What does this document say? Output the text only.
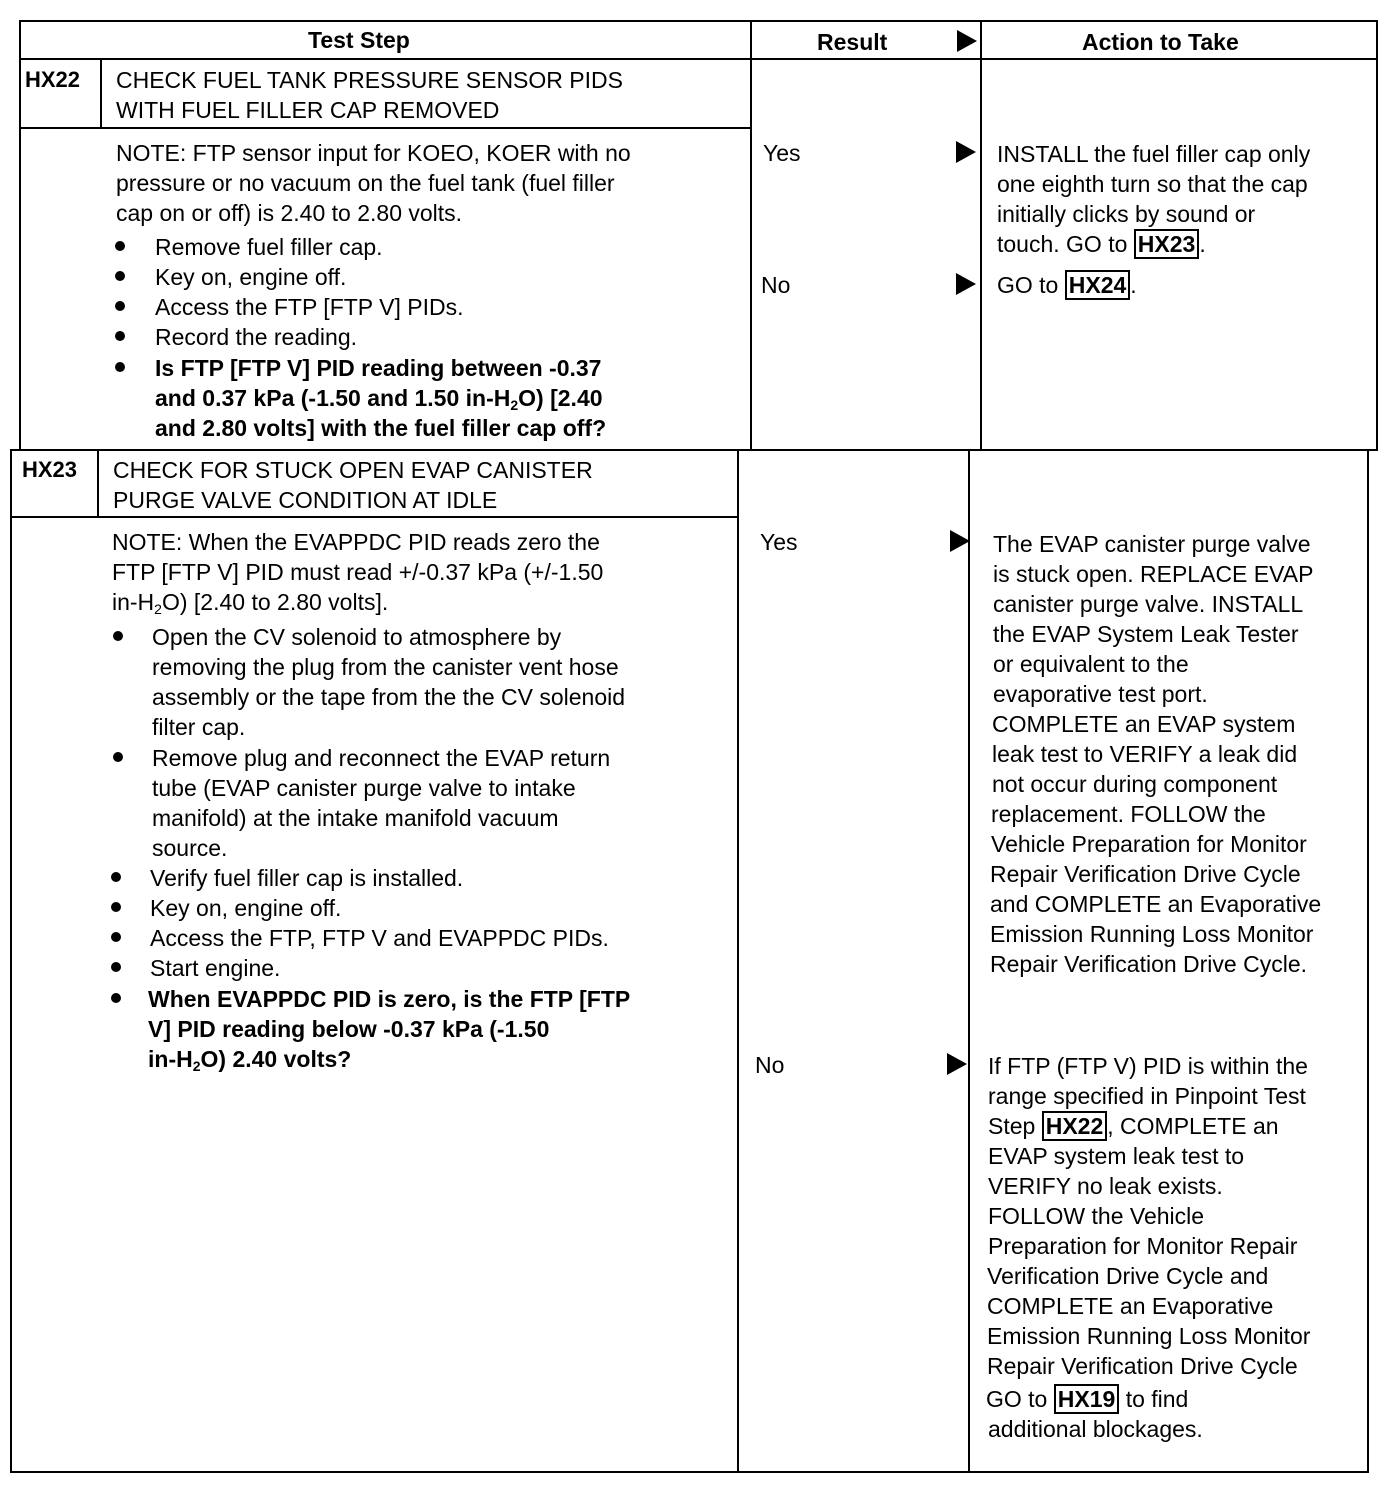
Test Step	Result	Action to Take
HX22 CHECK FUEL TANK PRESSURE SENSOR PIDS
WITH FUEL FILLER CAP REMOVED
NOTE: FTP sensor input for KOEO, KOER with no
pressure or no vacuum on the fuel tank (fuel filler
cap on or off) is 2.40 to 2.80 volts.
Remove fuel filler cap.
Key on, engine off.
Access the FTP [FTP V] PIDs.
Record the reading.
Is FTP [FTP V] PID reading between -0.37
and 0.37 kPa (-1.50 and 1.50 $in-H_2O$) [2.40
and 2.80 volts] with the fuel filler cap off?
Yes
No
INSTALL the fuel filler cap only
one eighth turn so that the cap
initially clicks by sound or
touch. GO to HX23 .
GO to HX24 .
HX23 CHECK FOR STUCK OPEN EVAP CANISTER
PURGE VALVE CONDITION AT IDLE
NOTE: When the EVAPPDC PID reads zero the
FTP [FTP V] PID must read +/-0.37 kPa (+/-1.50
$in-H_2O$) [2.40 to 2.80 volts].
Open the CV solenoid to atmosphere by
removing the plug from the canister vent hose
assembly or the tape from the the CV solenoid
filter cap.
Remove plug and reconnect the EVAP return
tube (EVAP canister purge valve to intake
manifold) at the intake manifold vacuum
source.
Verify fuel filler cap is installed.
Key on, engine off.
Access the FTP, FTP V and EVAPPDC PIDs.
Start engine.
When EVAPPDC PID is zero, is the FTP [FTP
V] PID reading below -0.37 kPa (-1.50
$in-H_2O$) 2.40 volts?
Yes
No
The EVAP canister purge valve
is stuck open. REPLACE EVAP
canister purge valve. INSTALL
the EVAP System Leak Tester
or equivalent to the
evaporative test port.
COMPLETE an EVAP system
leak test to VERIFY a leak did
not occur during component
replacement. FOLLOW the
Vehicle Preparation for Monitor
Repair Verification Drive Cycle
and COMPLETE an Evaporative
Emission Running Loss Monitor
Repair Verification Drive Cycle.
If FTP (FTP V) PID is within the
range specified in Pinpoint Test
Step HX22 , COMPLETE an
EVAP system leak test to
VERIFY no leak exists.
FOLLOW the Vehicle
Preparation for Monitor Repair
Verification Drive Cycle and
COMPLETE an Evaporative
Emission Running Loss Monitor
Repair Verification Drive Cycle
GO to HX19 to find
additional blockages.
